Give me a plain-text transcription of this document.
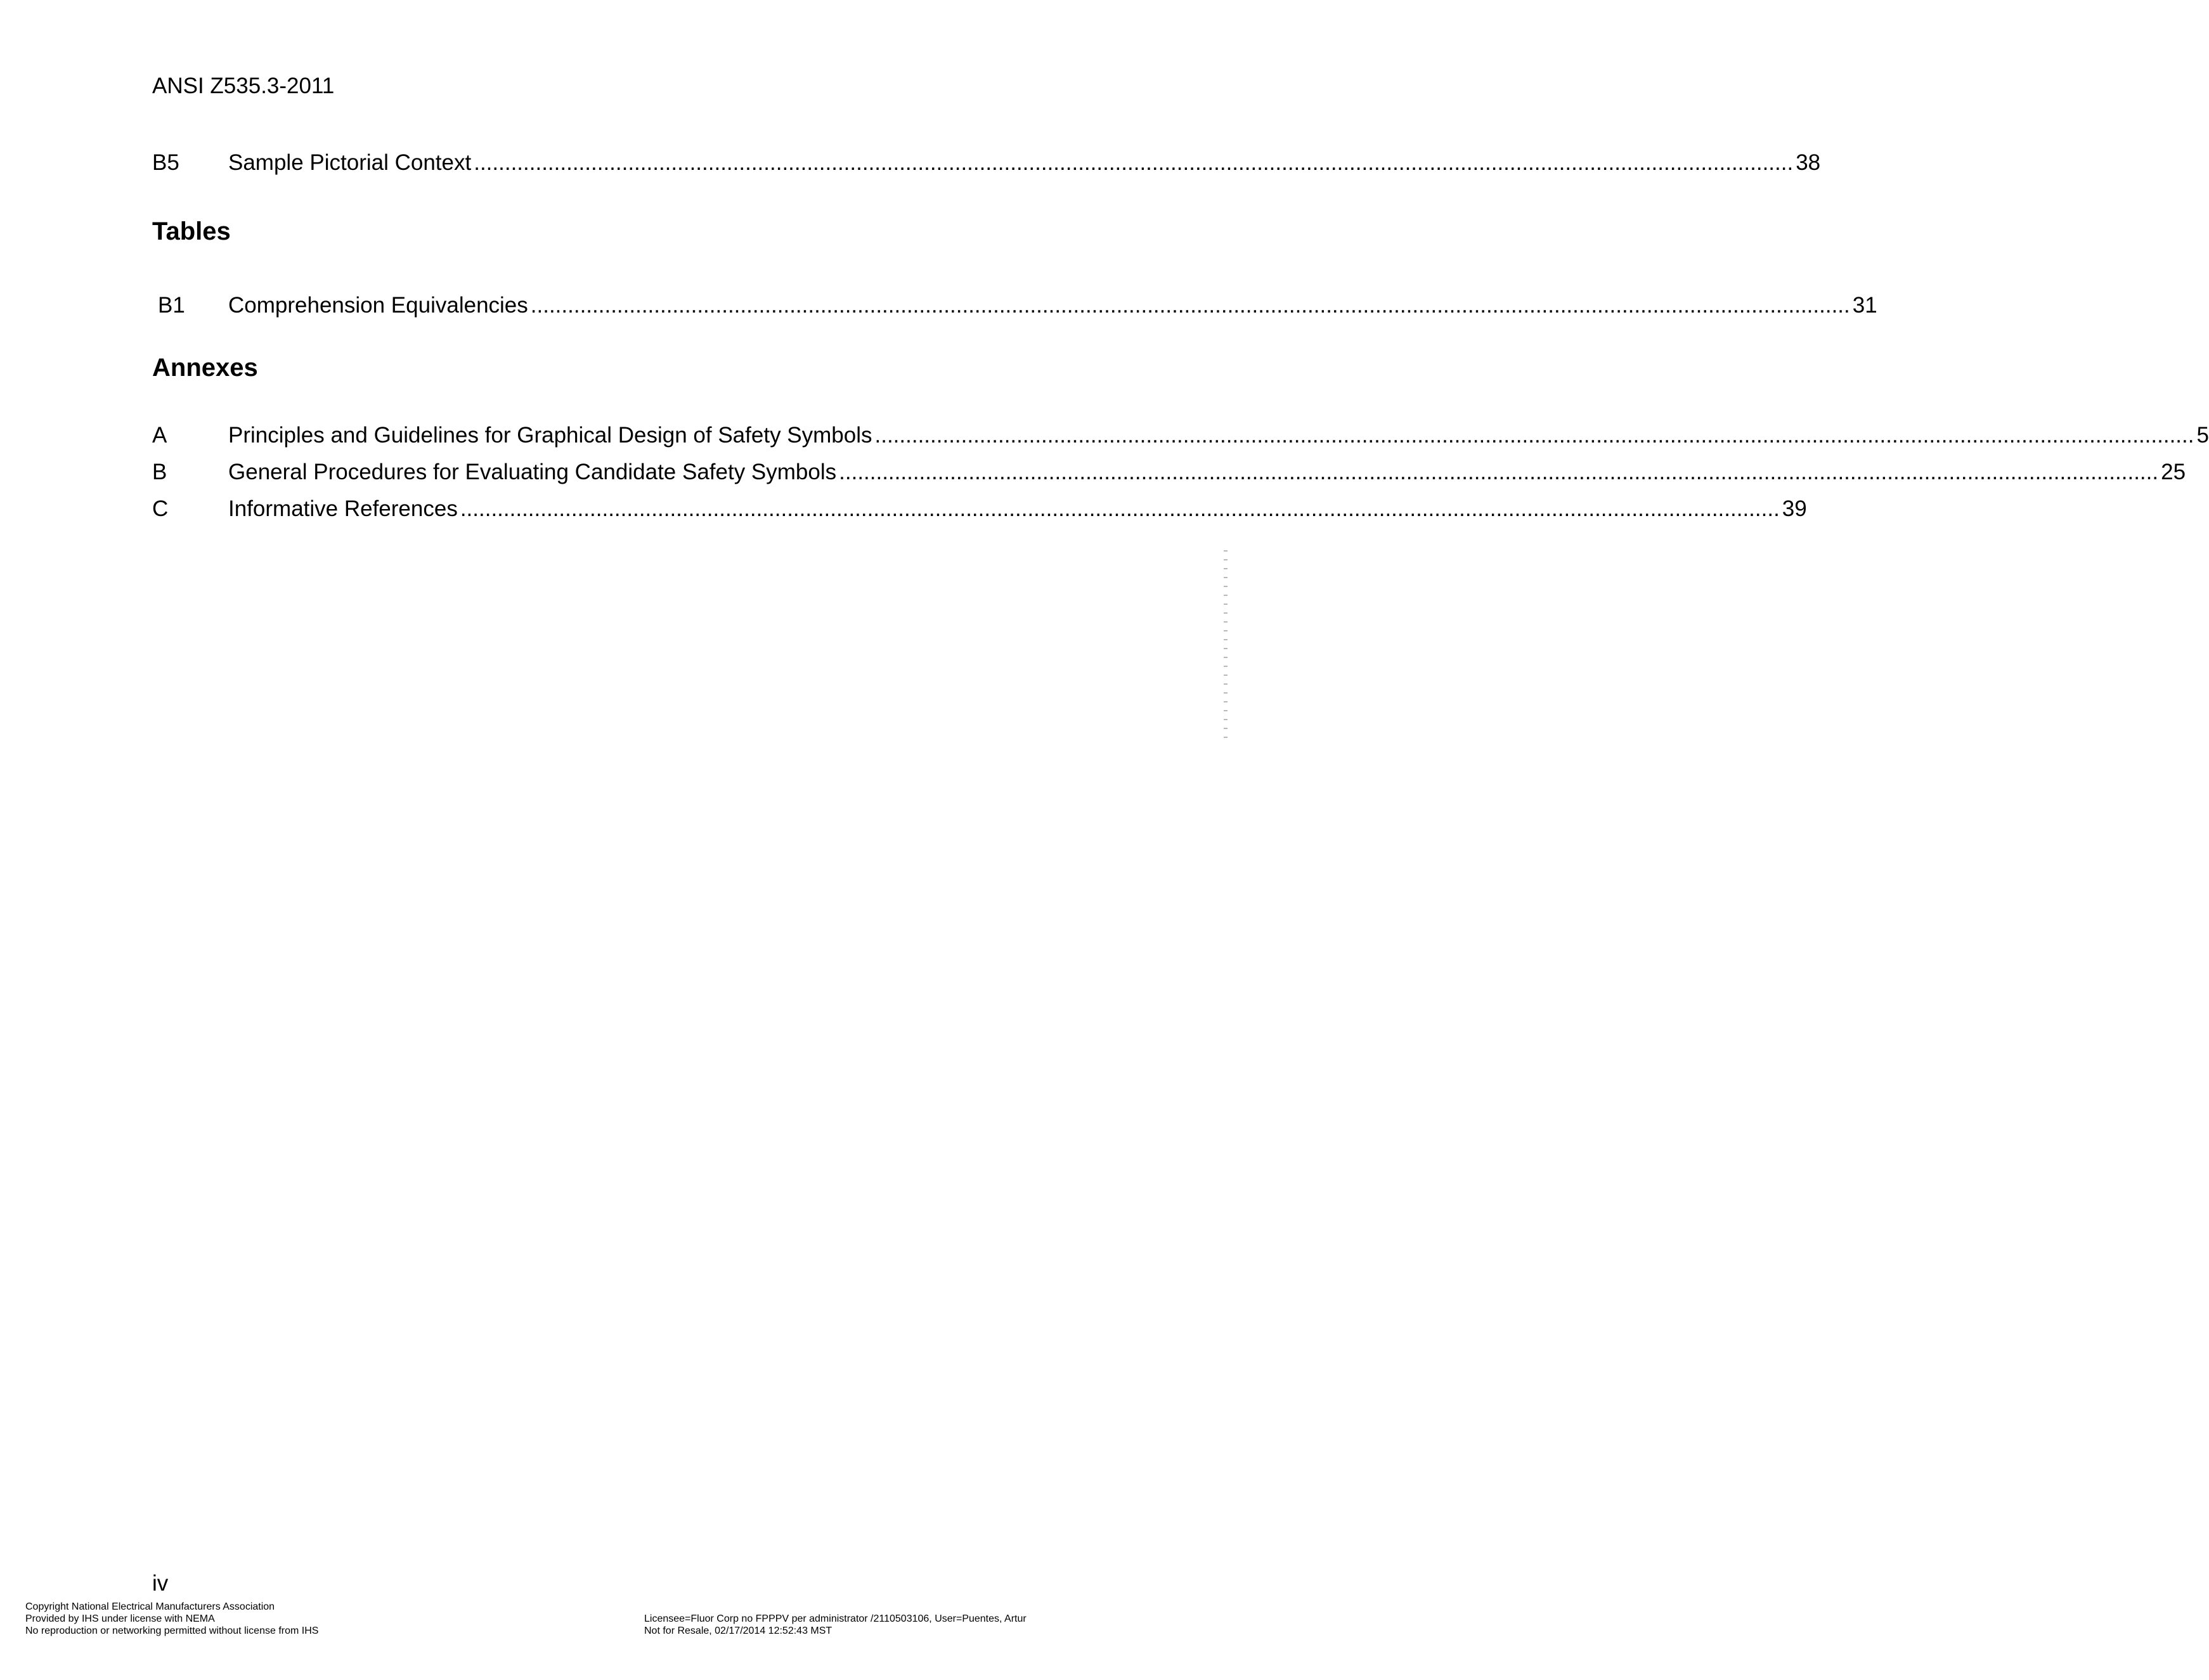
ANSI Z535.3-2011
B5	Sample Pictorial Context ...................................................................................................................................................................................................................... 38
Tables
B1	Comprehension Equivalencies ...................................................................................................................................................................................................................... 31
Annexes
A	Principles and Guidelines for Graphical Design of Safety Symbols ...................................................................................................................................................................................................................... 5
B	General Procedures for Evaluating Candidate Safety Symbols ...................................................................................................................................................................................................................... 25
C	Informative References ...................................................................................................................................................................................................................... 39
iv
Copyright National Electrical Manufacturers Association
Provided by IHS under license with NEMA
No reproduction or networking permitted without license from IHS
Licensee=Fluor Corp no FPPPV per administrator /2110503106, User=Puentes, Artur
Not for Resale, 02/17/2014 12:52:43 MST
